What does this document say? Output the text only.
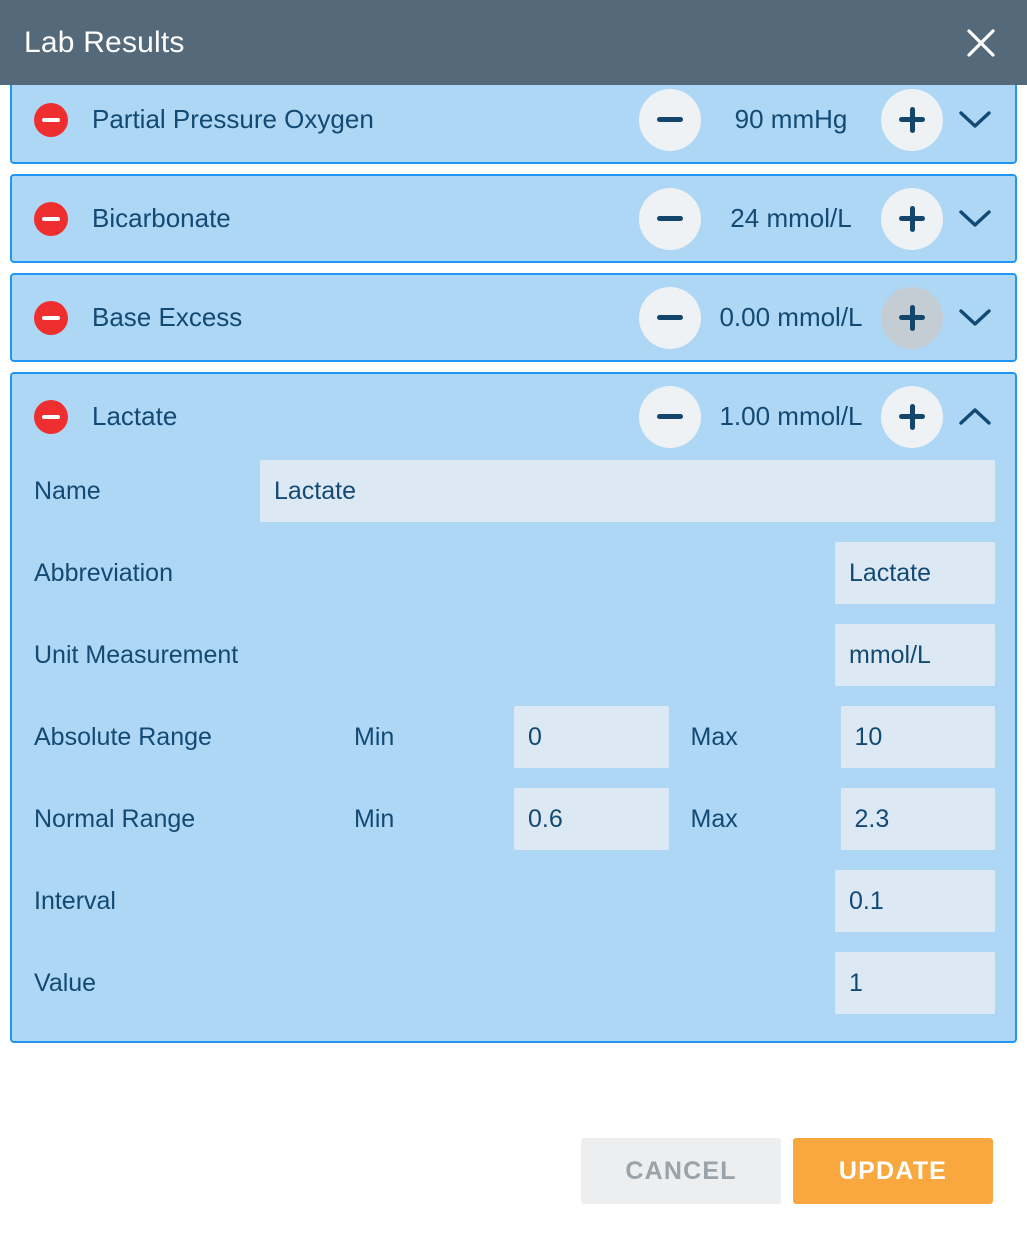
Lab Results
Partial Pressure Oxygen	90 mmHg
Bicarbonate	24 mmol/L
Base Excess	0.00 mmol/L
Lactate	1.00 mmol/L
Name	Lactate
Abbreviation	Lactate
Unit Measurement	mmol/L
Absolute Range	Min	0	Max	10
Normal Range	Min	0.6	Max	2.3
Interval	0.1
Value	1
CANCEL	UPDATE
